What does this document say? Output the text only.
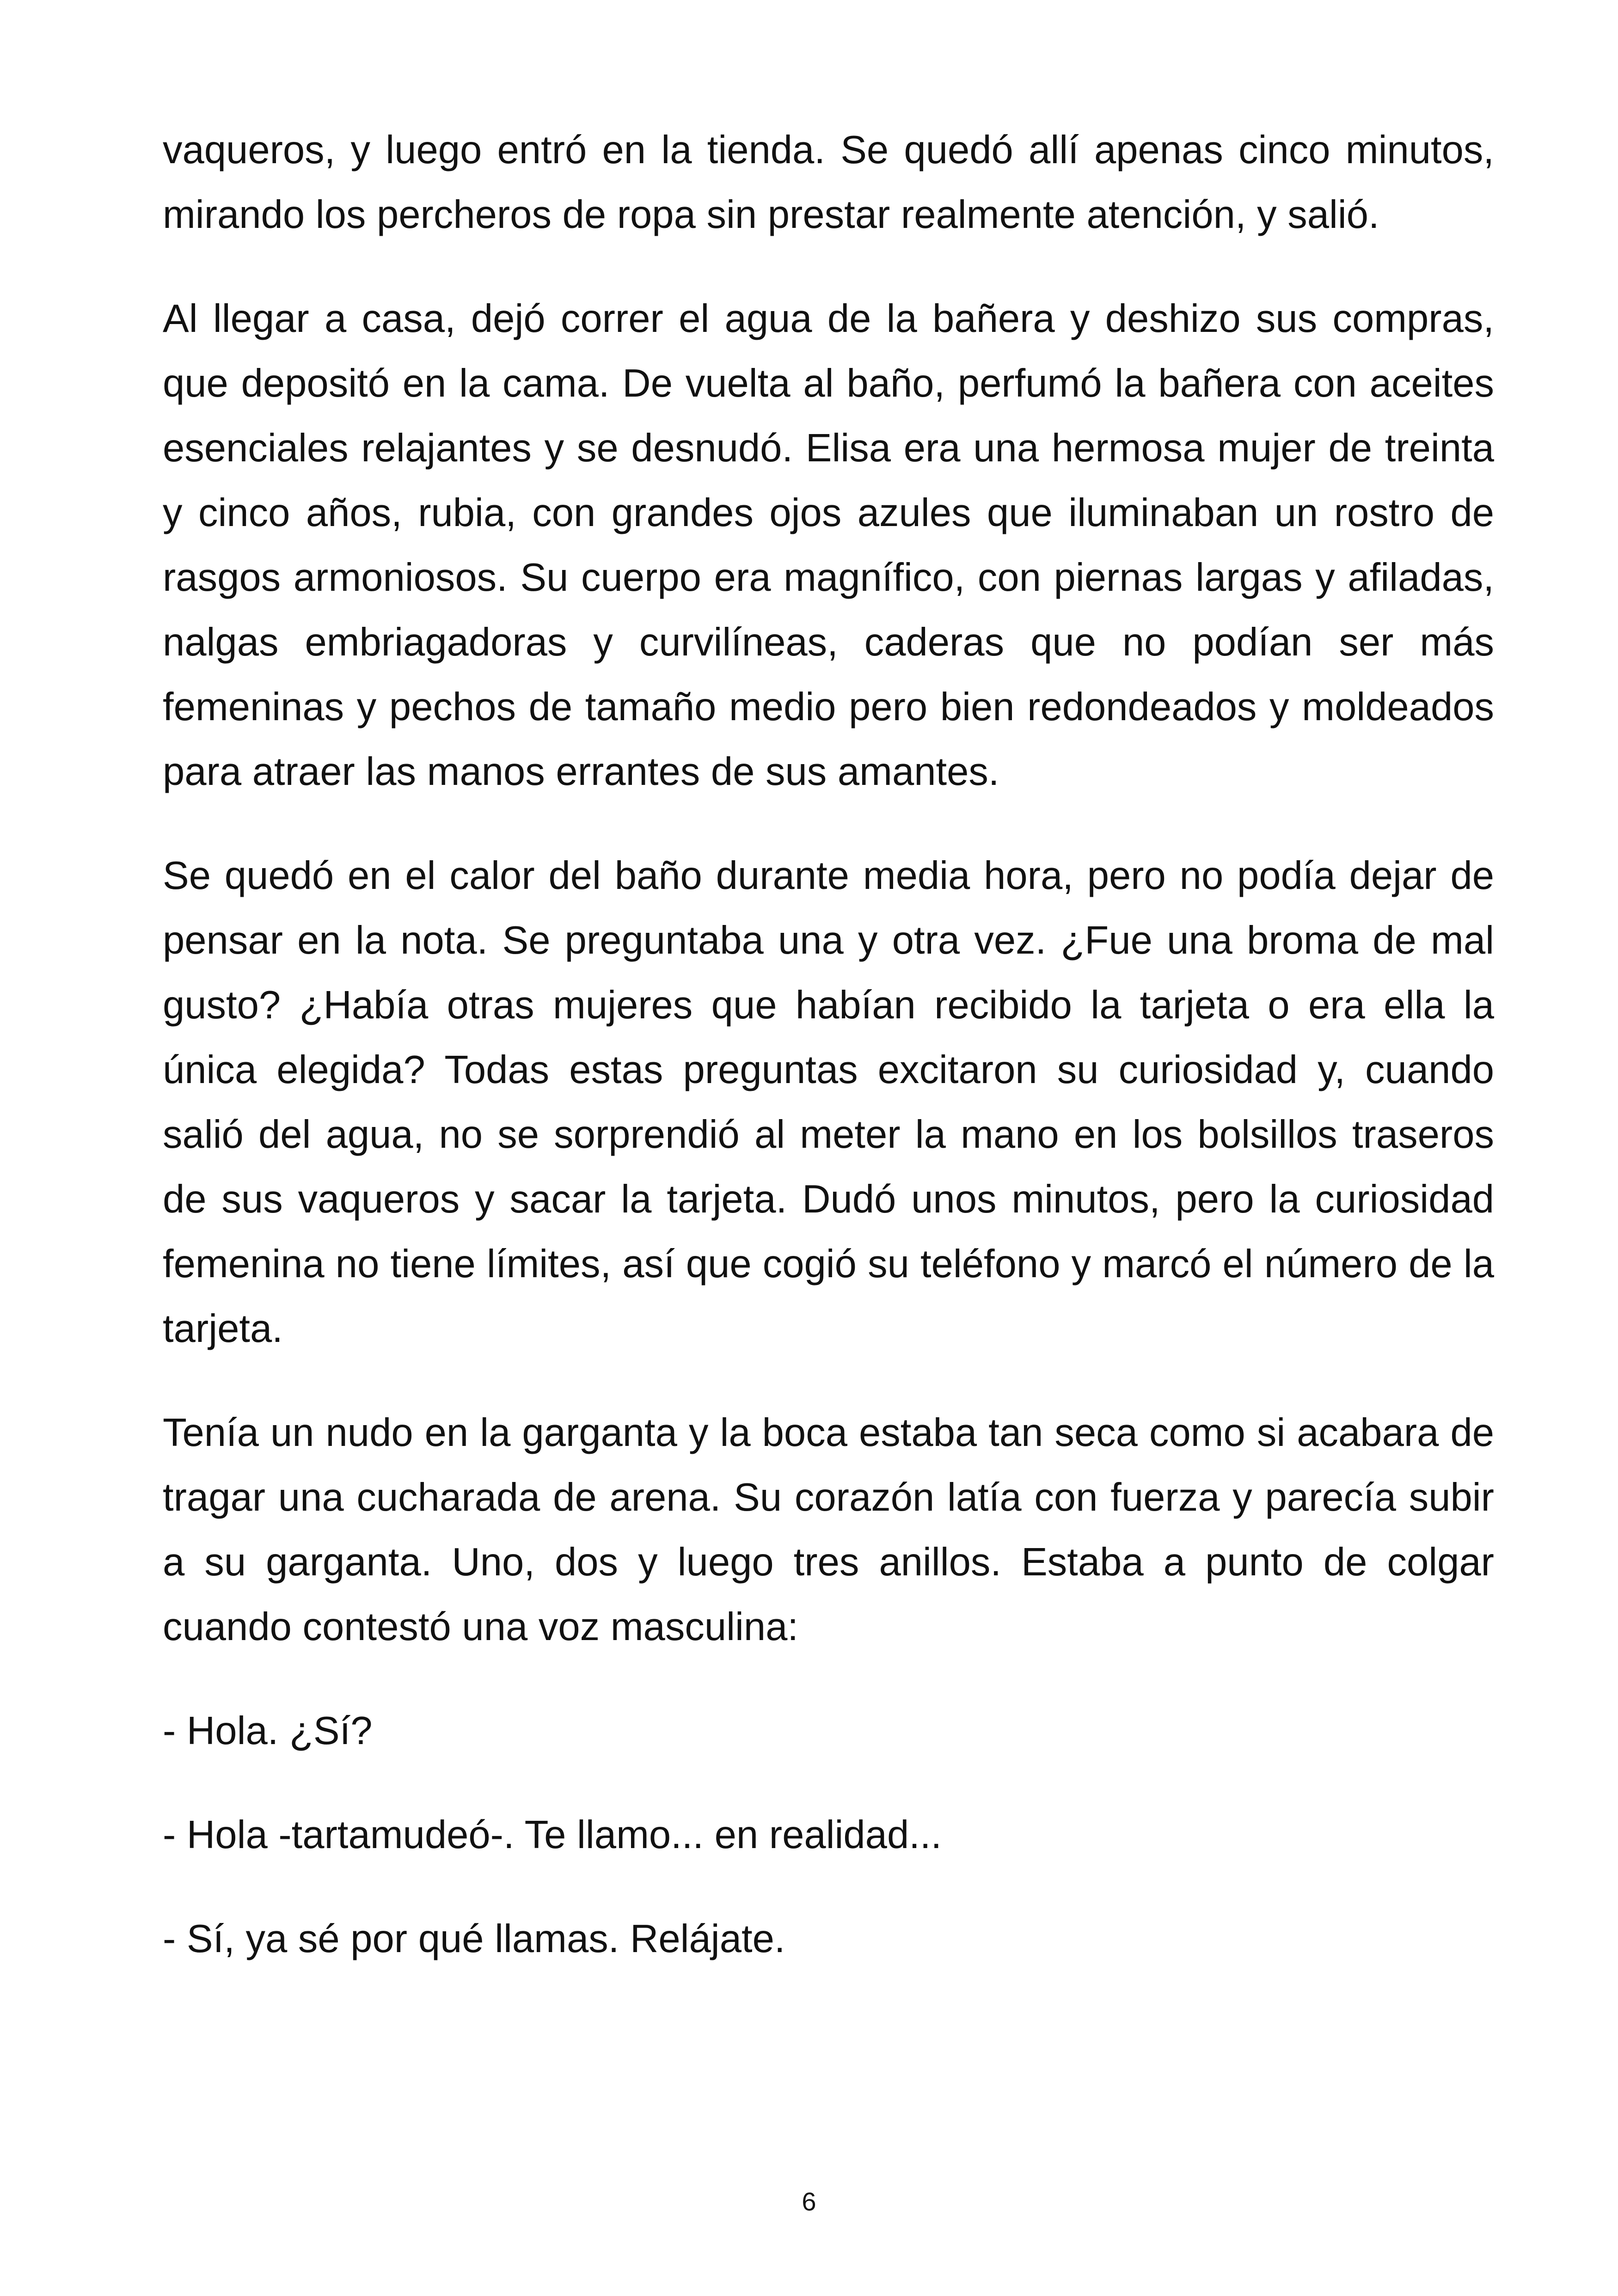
vaqueros, y luego entró en la tienda. Se quedó allí apenas cinco minutos, mirando los percheros de ropa sin prestar realmente atención, y salió.

Al llegar a casa, dejó correr el agua de la bañera y deshizo sus compras, que depositó en la cama. De vuelta al baño, perfumó la bañera con aceites esenciales relajantes y se desnudó. Elisa era una hermosa mujer de treinta y cinco años, rubia, con grandes ojos azules que iluminaban un rostro de rasgos armoniosos. Su cuerpo era magnífico, con piernas largas y afiladas, nalgas embriagadoras y curvilíneas, caderas que no podían ser más femeninas y pechos de tamaño medio pero bien redondeados y moldeados para atraer las manos errantes de sus amantes.

Se quedó en el calor del baño durante media hora, pero no podía dejar de pensar en la nota. Se preguntaba una y otra vez. ¿Fue una broma de mal gusto? ¿Había otras mujeres que habían recibido la tarjeta o era ella la única elegida? Todas estas preguntas excitaron su curiosidad y, cuando salió del agua, no se sorprendió al meter la mano en los bolsillos traseros de sus vaqueros y sacar la tarjeta. Dudó unos minutos, pero la curiosidad femenina no tiene límites, así que cogió su teléfono y marcó el número de la tarjeta.

Tenía un nudo en la garganta y la boca estaba tan seca como si acabara de tragar una cucharada de arena. Su corazón latía con fuerza y parecía subir a su garganta. Uno, dos y luego tres anillos. Estaba a punto de colgar cuando contestó una voz masculina:

- Hola. ¿Sí?

- Hola -tartamudeó-. Te llamo... en realidad...

- Sí, ya sé por qué llamas. Relájate.

6
